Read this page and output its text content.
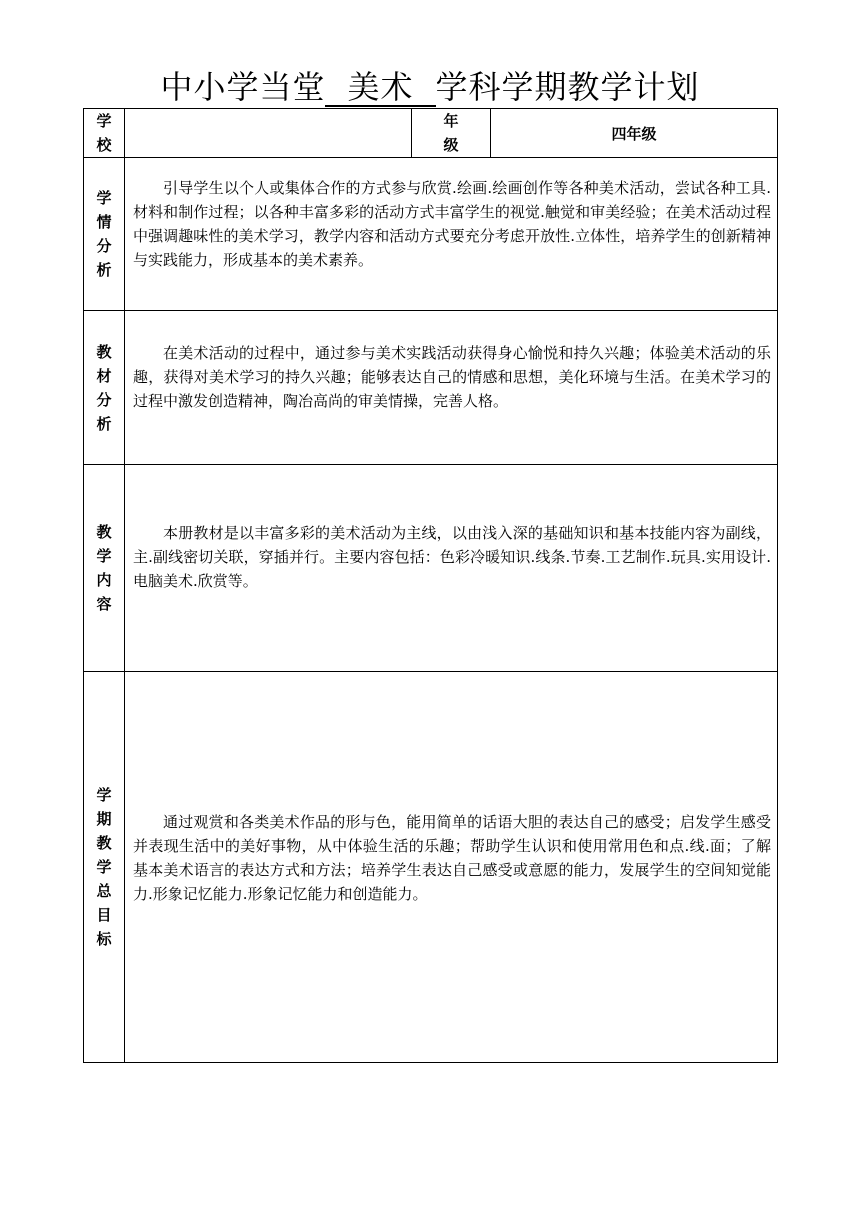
中小学当堂 美术 学科学期教学计划
学校		年级	四年级
学情分析	引导学生以个人或集体合作的方式参与欣赏.绘画.绘画创作等各种美术活动，尝试各种工具.材料和制作过程；以各种丰富多彩的活动方式丰富学生的视觉.触觉和审美经验；在美术活动过程中强调趣味性的美术学习，教学内容和活动方式要充分考虑开放性.立体性，培养学生的创新精神与实践能力，形成基本的美术素养。		
教材分析	在美术活动的过程中，通过参与美术实践活动获得身心愉悦和持久兴趣；体验美术活动的乐趣，获得对美术学习的持久兴趣；能够表达自己的情感和思想，美化环境与生活。在美术学习的过程中激发创造精神，陶冶高尚的审美情操，完善人格。		
教学内容	本册教材是以丰富多彩的美术活动为主线，以由浅入深的基础知识和基本技能内容为副线，主.副线密切关联，穿插并行。主要内容包括：色彩冷暖知识.线条.节奏.工艺制作.玩具.实用设计.电脑美术.欣赏等。		
学期教学总目标	通过观赏和各类美术作品的形与色，能用简单的话语大胆的表达自己的感受；启发学生感受并表现生活中的美好事物，从中体验生活的乐趣；帮助学生认识和使用常用色和点.线.面；了解基本美术语言的表达方式和方法；培养学生表达自己感受或意愿的能力，发展学生的空间知觉能力.形象记忆能力.形象记忆能力和创造能力。		
